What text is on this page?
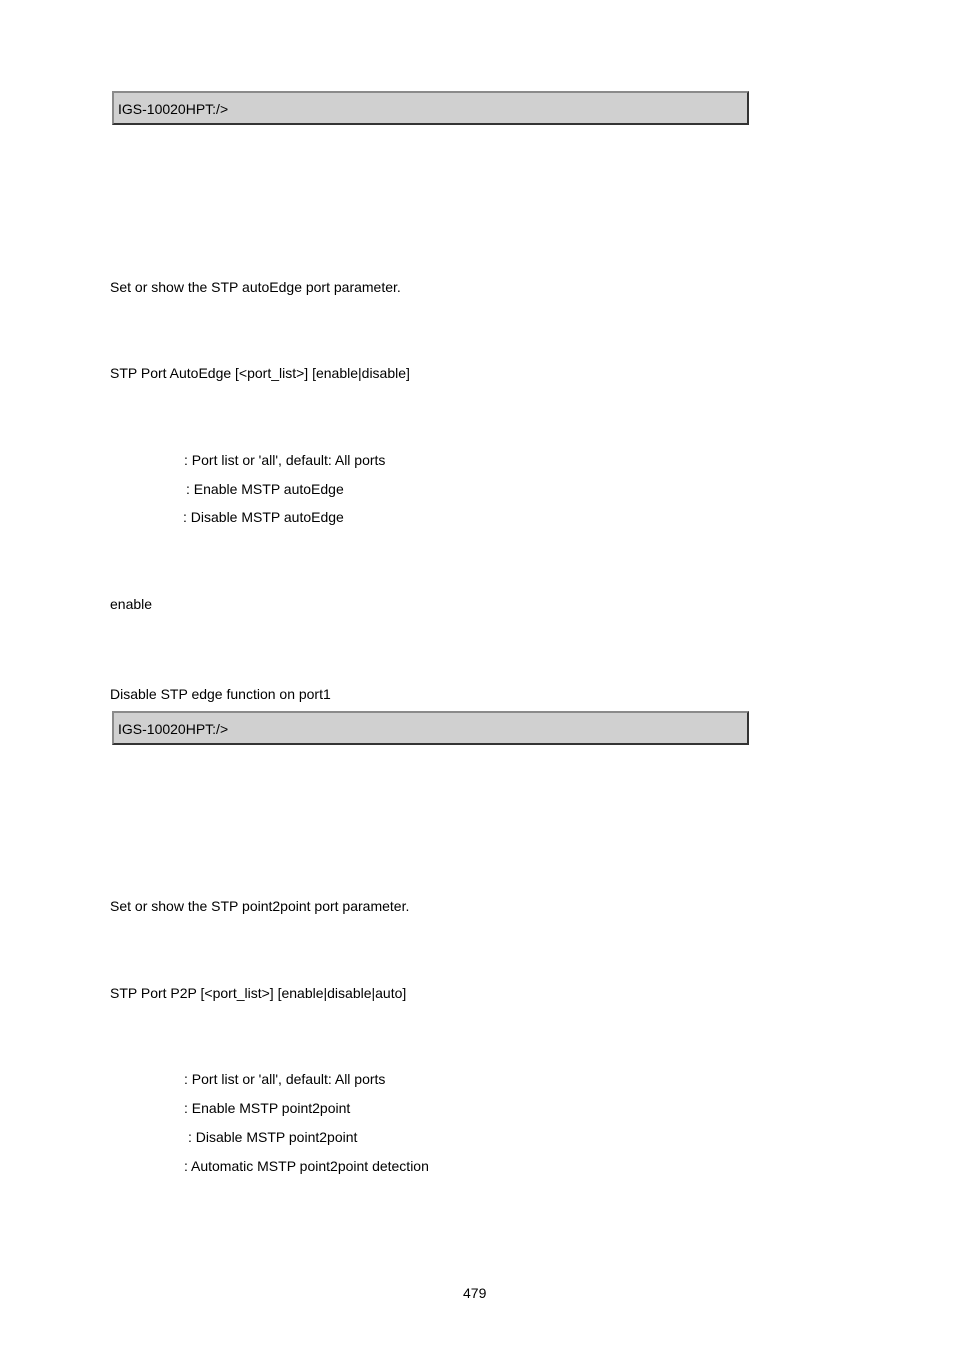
IGS-10020HPT:/>
Set or show the STP autoEdge port parameter.
STP Port AutoEdge [<port_list>] [enable|disable]
: Port list or 'all', default: All ports
: Enable MSTP autoEdge
: Disable MSTP autoEdge
enable
Disable STP edge function on port1
IGS-10020HPT:/>
Set or show the STP point2point port parameter.
STP Port P2P [<port_list>] [enable|disable|auto]
: Port list or 'all', default: All ports
: Enable MSTP point2point
: Disable MSTP point2point
: Automatic MSTP point2point detection
479
